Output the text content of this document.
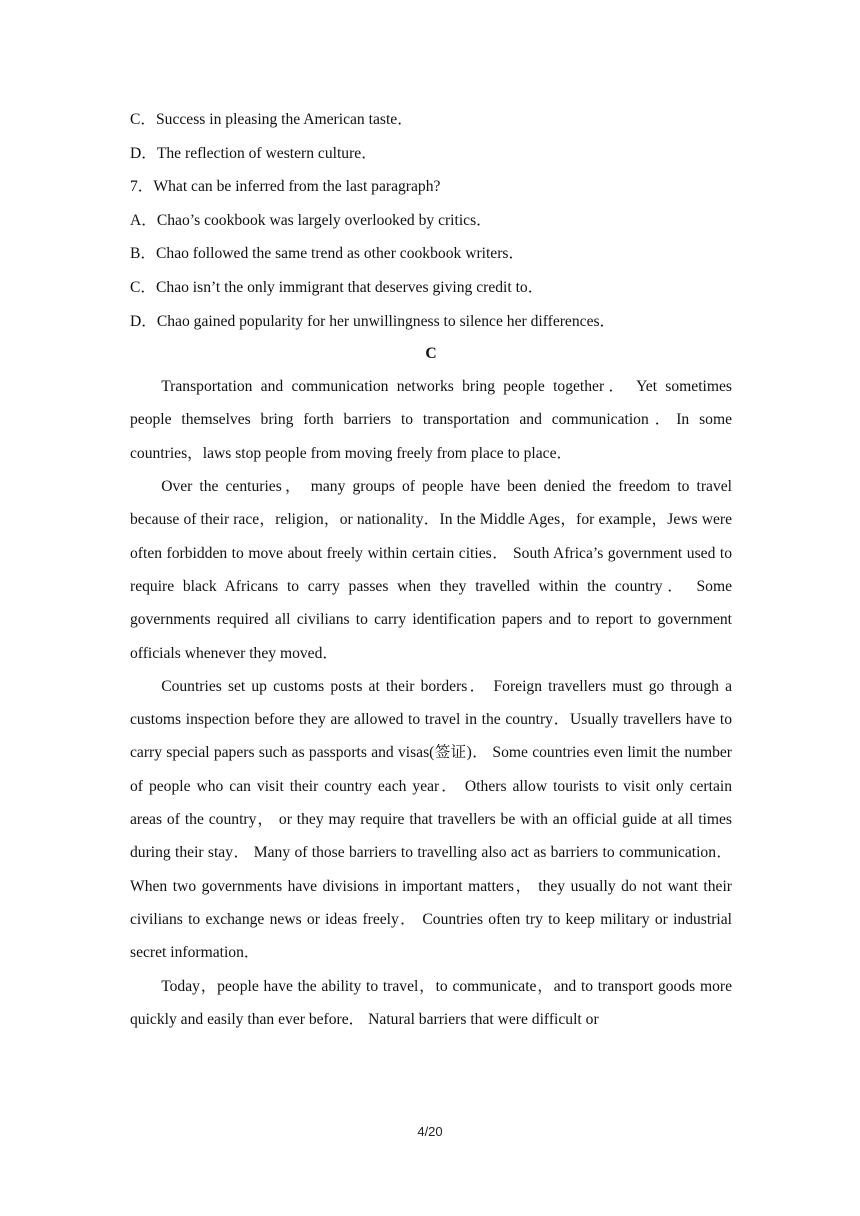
C．Success in pleasing the American taste．

D．The reflection of western culture．

7．What can be inferred from the last paragraph?

A．Chao’s cookbook was largely overlooked by critics．

B．Chao followed the same trend as other cookbook writers．

C．Chao isn’t the only immigrant that deserves giving credit to．

D．Chao gained popularity for her unwillingness to silence her differences．

C

Transportation and communication networks bring people together． Yet sometimes people themselves bring forth barriers to transportation and communication．In some countries，laws stop people from moving freely from place to place．

Over the centuries， many groups of people have been denied the freedom to travel because of their race，religion，or nationality．In the Middle Ages，for example，Jews were often forbidden to move about freely within certain cities． South Africa’s government used to require black Africans to carry passes when they travelled within the country． Some governments required all civilians to carry identification papers and to report to government officials whenever they moved．

Countries set up customs posts at their borders． Foreign travellers must go through a customs inspection before they are allowed to travel in the country．Usually travellers have to carry special papers such as passports and visas(签证)． Some countries even limit the number of people who can visit their country each year． Others allow tourists to visit only certain areas of the country， or they may require that travellers be with an official guide at all times during their stay． Many of those barriers to travelling also act as barriers to communication． When two governments have divisions in important matters， they usually do not want their civilians to exchange news or ideas freely． Countries often try to keep military or industrial secret information．

Today，people have the ability to travel，to communicate，and to transport goods more quickly and easily than ever before． Natural barriers that were difficult or

4/20
